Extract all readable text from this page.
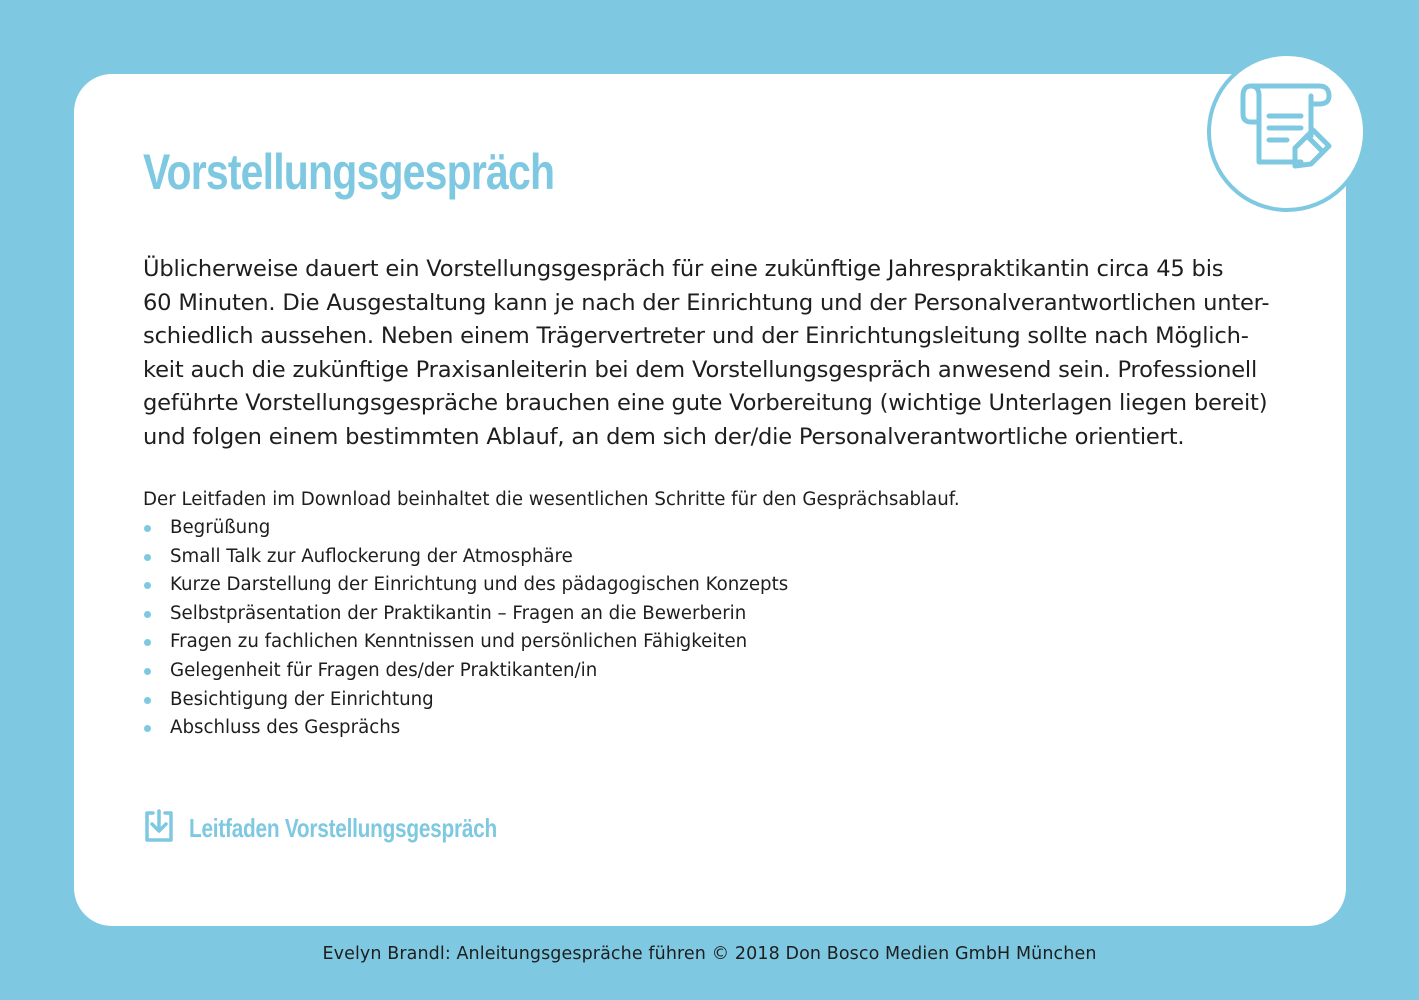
Vorstellungsgespräch

Üblicherweise dauert ein Vorstellungsgespräch für eine zukünftige Jahrespraktikantin circa 45 bis
60 Minuten. Die Ausgestaltung kann je nach der Einrichtung und der Personalverantwortlichen unter-
schiedlich aussehen. Neben einem Trägervertreter und der Einrichtungsleitung sollte nach Möglich-
keit auch die zukünftige Praxisanleiterin bei dem Vorstellungsgespräch anwesend sein. Professionell
geführte Vorstellungsgespräche brauchen eine gute Vorbereitung (wichtige Unterlagen liegen bereit)
und folgen einem bestimmten Ablauf, an dem sich der/die Personalverantwortliche orientiert.

Der Leitfaden im Download beinhaltet die wesentlichen Schritte für den Gesprächsablauf.

Begrüßung
Small Talk zur Auflockerung der Atmosphäre
Kurze Darstellung der Einrichtung und des pädagogischen Konzepts
Selbstpräsentation der Praktikantin – Fragen an die Bewerberin
Fragen zu fachlichen Kenntnissen und persönlichen Fähigkeiten
Gelegenheit für Fragen des/der Praktikanten/in
Besichtigung der Einrichtung
Abschluss des Gesprächs
Leitfaden Vorstellungsgespräch
Evelyn Brandl: Anleitungsgespräche führen © 2018 Don Bosco Medien GmbH München
